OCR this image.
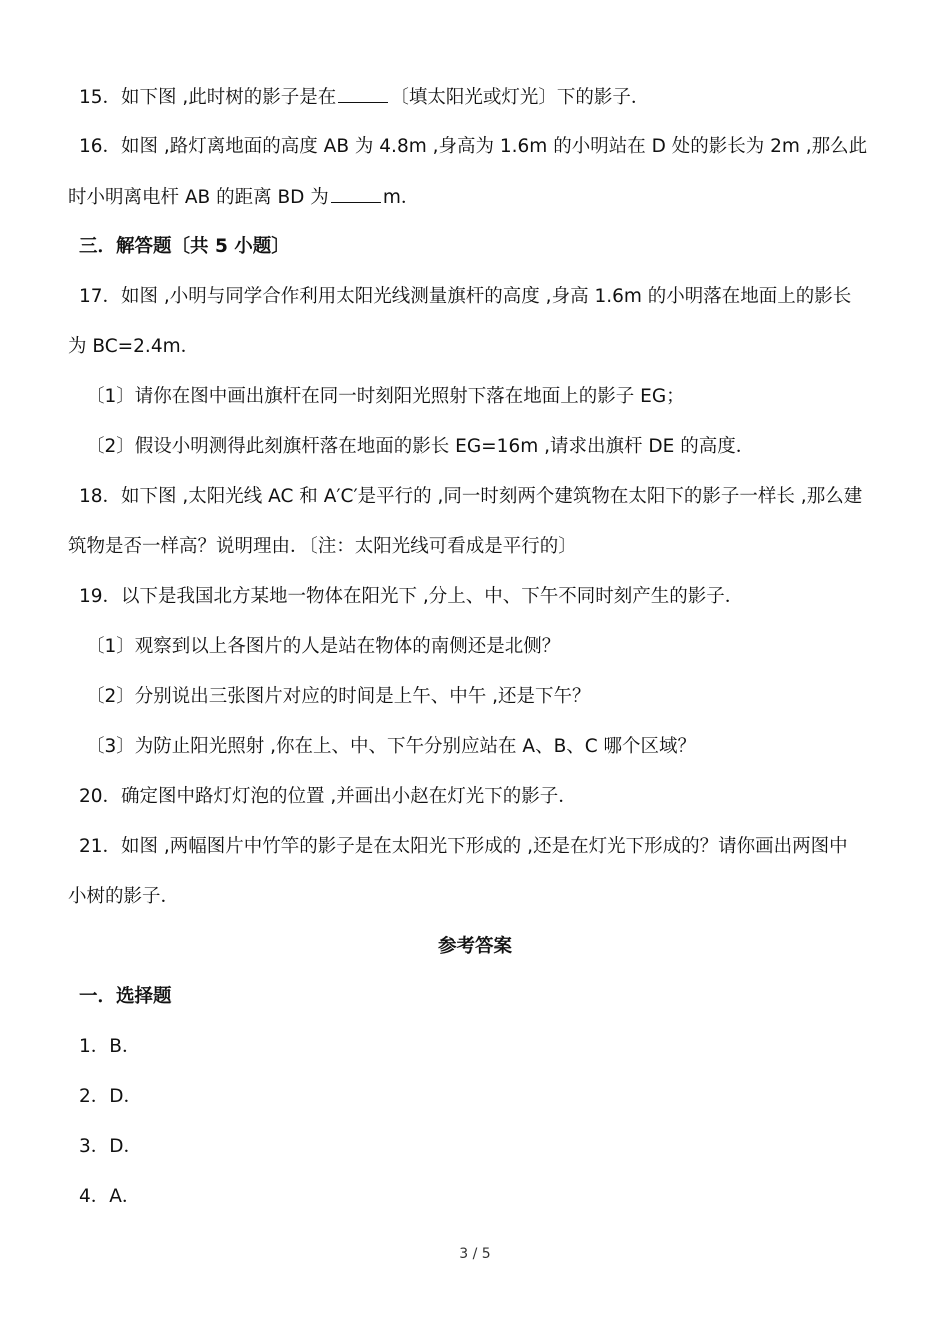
15．如下图 ,此时树的影子是在	〔填太阳光或灯光〕下的影子．
16．如图 ,路灯离地面的高度 AB 为 4.8m ,身高为 1.6m 的小明站在 D 处的影长为 2m ,那么此
时小明离电杆 AB 的距离 BD 为	m．
三．解答题〔共 5 小题〕
17．如图 ,小明与同学合作利用太阳光线测量旗杆的高度 ,身高 1.6m 的小明落在地面上的影长
为 BC=2.4m．
〔1〕请你在图中画出旗杆在同一时刻阳光照射下落在地面上的影子 EG；
〔2〕假设小明测得此刻旗杆落在地面的影长 EG=16m ,请求出旗杆 DE 的高度．
18．如下图 ,太阳光线 AC 和 A′C′是平行的 ,同一时刻两个建筑物在太阳下的影子一样长 ,那么建
筑物是否一样高？说明理由．〔注：太阳光线可看成是平行的〕
19．以下是我国北方某地一物体在阳光下 ,分上、中、下午不同时刻产生的影子．
〔1〕观察到以上各图片的人是站在物体的南侧还是北侧？
〔2〕分别说出三张图片对应的时间是上午、中午 ,还是下午？
〔3〕为防止阳光照射 ,你在上、中、下午分别应站在 A、B、C 哪个区域？
20．确定图中路灯灯泡的位置 ,并画出小赵在灯光下的影子．
21．如图 ,两幅图片中竹竿的影子是在太阳光下形成的 ,还是在灯光下形成的？请你画出两图中
小树的影子．
参考答案
一．选择题
1．B．
2．D．
3．D．
4．A．
3 / 5
